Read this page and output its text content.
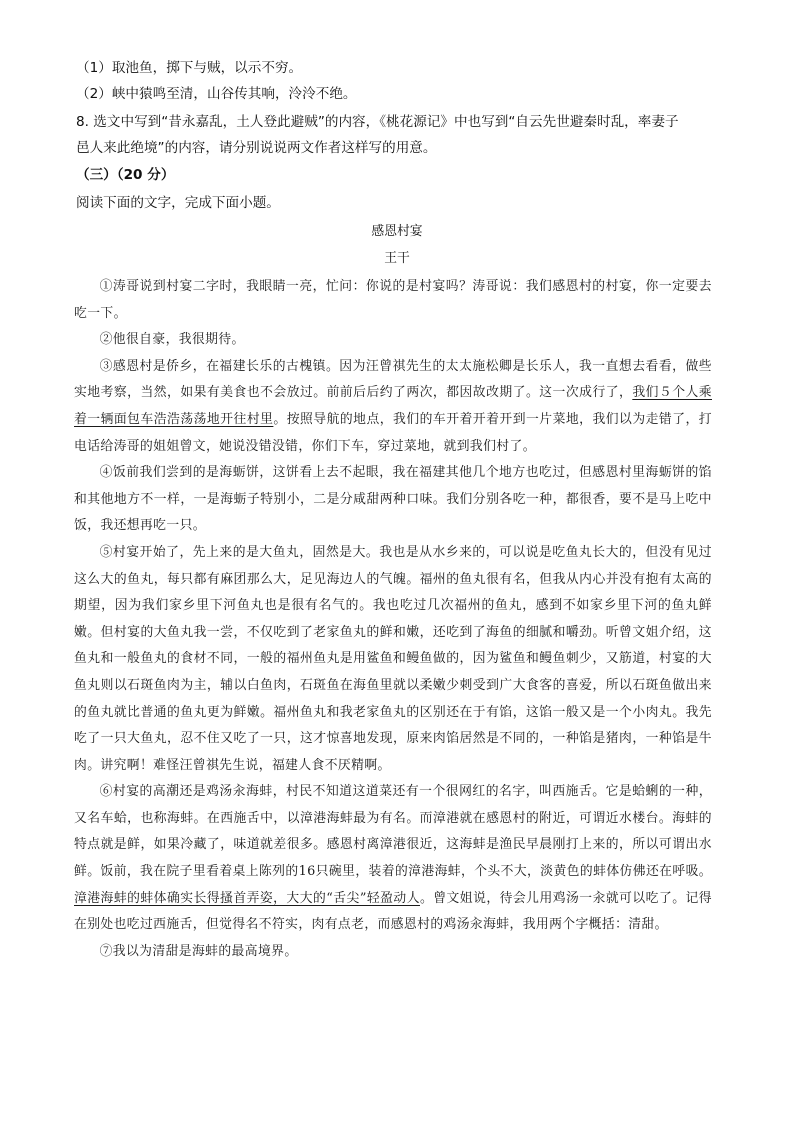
（1）取池鱼，掷下与贼，以示不穷。
（2）峡中猿鸣至清，山谷传其响，泠泠不绝。
8. 选文中写到“昔永嘉乱，土人登此避贼”的内容，《桃花源记》中也写到“自云先世避秦时乱，率妻子
邑人来此绝境”的内容，请分别说说两文作者这样写的用意。
（三）（20 分）
阅读下面的文字，完成下面小题。
感恩村宴
王干

①涛哥说到村宴二字时，我眼睛一亮，忙问：你说的是村宴吗？涛哥说：我们感恩村的村宴，你一定要去吃一下。

②他很自豪，我很期待。

③感恩村是侨乡，在福建长乐的古槐镇。因为汪曾祺先生的太太施松卿是长乐人，我一直想去看看，做些实地考察，当然，如果有美食也不会放过。前前后后约了两次，都因故改期了。这一次成行了，我们５个人乘着一辆面包车浩浩荡荡地开往村里。按照导航的地点，我们的车开着开着开到一片菜地，我们以为走错了，打电话给涛哥的姐姐曾文，她说没错没错，你们下车，穿过菜地，就到我们村了。

④饭前我们尝到的是海蛎饼，这饼看上去不起眼，我在福建其他几个地方也吃过，但感恩村里海蛎饼的馅和其他地方不一样，一是海蛎子特别小，二是分咸甜两种口味。我们分别各吃一种，都很香，要不是马上吃中饭，我还想再吃一只。

⑤村宴开始了，先上来的是大鱼丸，固然是大。我也是从水乡来的，可以说是吃鱼丸长大的，但没有见过这么大的鱼丸，每只都有麻团那么大，足见海边人的气魄。福州的鱼丸很有名，但我从内心并没有抱有太高的期望，因为我们家乡里下河鱼丸也是很有名气的。我也吃过几次福州的鱼丸，感到不如家乡里下河的鱼丸鲜嫩。但村宴的大鱼丸我一尝，不仅吃到了老家鱼丸的鲜和嫩，还吃到了海鱼的细腻和嚼劲。听曾文姐介绍，这鱼丸和一般鱼丸的食材不同，一般的福州鱼丸是用鲨鱼和鳗鱼做的，因为鲨鱼和鳗鱼刺少，又筋道，村宴的大鱼丸则以石斑鱼肉为主，辅以白鱼肉，石斑鱼在海鱼里就以柔嫩少刺受到广大食客的喜爱，所以石斑鱼做出来的鱼丸就比普通的鱼丸更为鲜嫩。福州鱼丸和我老家鱼丸的区别还在于有馅，这馅一般又是一个小肉丸。我先吃了一只大鱼丸，忍不住又吃了一只，这才惊喜地发现，原来肉馅居然是不同的，一种馅是猪肉，一种馅是牛肉。讲究啊！难怪汪曾祺先生说，福建人食不厌精啊。

⑥村宴的高潮还是鸡汤汆海蚌，村民不知道这道菜还有一个很网红的名字，叫西施舌。它是蛤蜊的一种，又名车蛤，也称海蚌。在西施舌中，以漳港海蚌最为有名。而漳港就在感恩村的附近，可谓近水楼台。海蚌的特点就是鲜，如果冷藏了，味道就差很多。感恩村离漳港很近，这海蚌是渔民早晨刚打上来的，所以可谓出水鲜。饭前，我在院子里看着桌上陈列的16只碗里，装着的漳港海蚌，个头不大，淡黄色的蚌体仿佛还在呼吸。漳港海蚌的蚌体确实长得搔首弄姿，大大的“舌尖”轻盈动人。曾文姐说，待会儿用鸡汤一汆就可以吃了。记得在别处也吃过西施舌，但觉得名不符实，肉有点老，而感恩村的鸡汤汆海蚌，我用两个字概括：清甜。

⑦我以为清甜是海蚌的最高境界。
